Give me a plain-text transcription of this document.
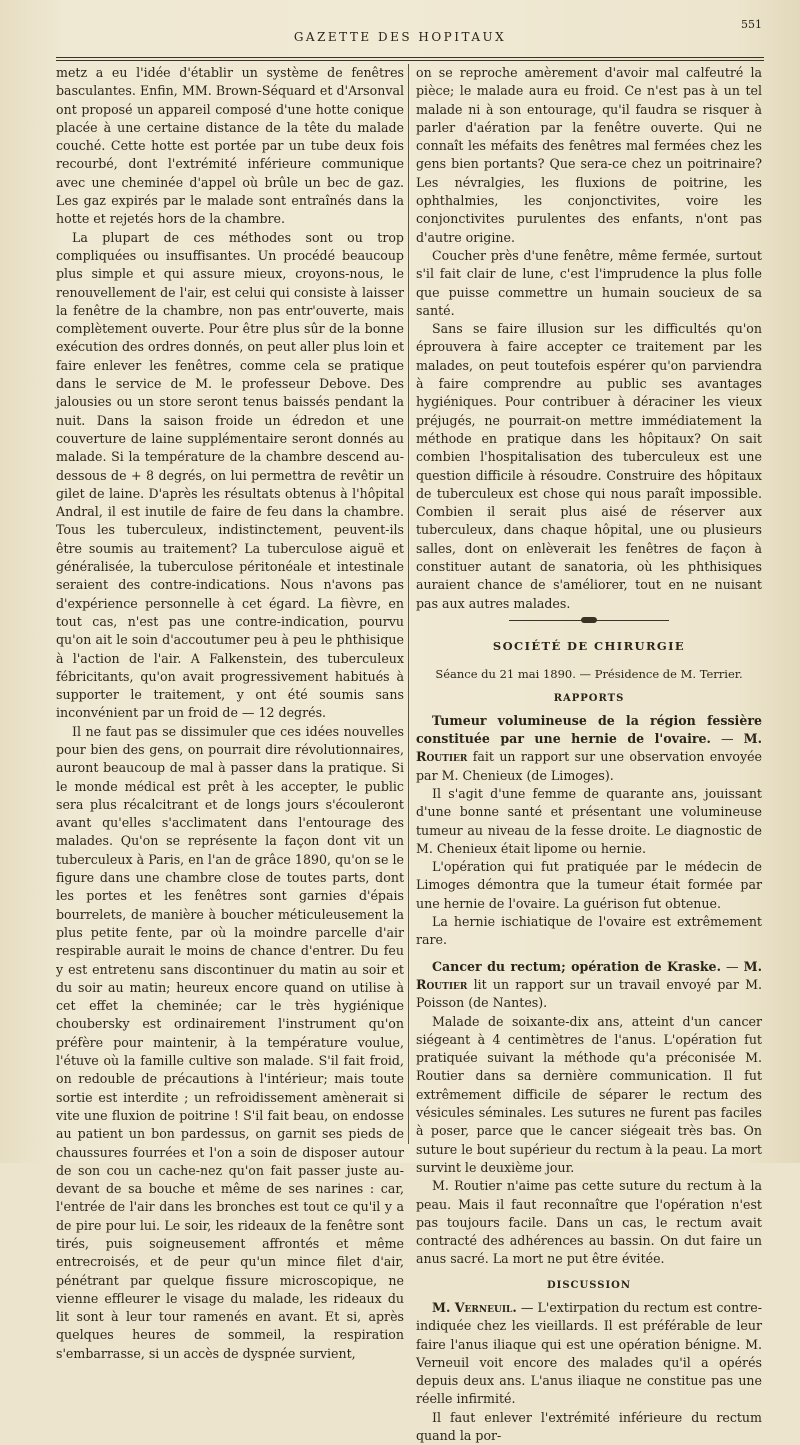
GAZETTE DES HOPITAUX
551

metz a eu l'idée d'établir un système de fenêtres basculantes. Enfin, MM. Brown-Séquard et d'Arsonval ont proposé un appareil composé d'une hotte conique placée à une certaine distance de la tête du malade couché. Cette hotte est portée par un tube deux fois recourbé, dont l'extrémité inférieure communique avec une cheminée d'appel où brûle un bec de gaz. Les gaz expirés par le malade sont entraînés dans la hotte et rejetés hors de la chambre.

La plupart de ces méthodes sont ou trop compliquées ou insuffisantes. Un procédé beaucoup plus simple et qui assure mieux, croyons-nous, le renouvellement de l'air, est celui qui consiste à laisser la fenêtre de la chambre, non pas entr'ouverte, mais complètement ouverte. Pour être plus sûr de la bonne exécution des ordres donnés, on peut aller plus loin et faire enlever les fenêtres, comme cela se pratique dans le service de M. le professeur Debove. Des jalousies ou un store seront tenus baissés pendant la nuit. Dans la saison froide un édredon et une couverture de laine supplémentaire seront donnés au malade. Si la température de la chambre descend au-dessous de + 8 degrés, on lui permettra de revêtir un gilet de laine. D'après les résultats obtenus à l'hôpital Andral, il est inutile de faire de feu dans la chambre. Tous les tuberculeux, indistinctement, peuvent-ils être soumis au traitement? La tuberculose aiguë et généralisée, la tuberculose péritonéale et intestinale seraient des contre-indications. Nous n'avons pas d'expérience personnelle à cet égard. La fièvre, en tout cas, n'est pas une contre-indication, pourvu qu'on ait le soin d'accoutumer peu à peu le phthisique à l'action de l'air. A Falkenstein, des tuberculeux fébricitants, qu'on avait progressivement habitués à supporter le traitement, y ont été soumis sans inconvénient par un froid de — 12 degrés.

Il ne faut pas se dissimuler que ces idées nouvelles pour bien des gens, on pourrait dire révolutionnaires, auront beaucoup de mal à passer dans la pratique. Si le monde médical est prêt à les accepter, le public sera plus récalcitrant et de longs jours s'écouleront avant qu'elles s'acclimatent dans l'entourage des malades. Qu'on se représente la façon dont vit un tuberculeux à Paris, en l'an de grâce 1890, qu'on se le figure dans une chambre close de toutes parts, dont les portes et les fenêtres sont garnies d'épais bourrelets, de manière à boucher méticuleusement la plus petite fente, par où la moindre parcelle d'air respirable aurait le moins de chance d'entrer. Du feu y est entretenu sans discontinuer du matin au soir et du soir au matin; heureux encore quand on utilise à cet effet la cheminée; car le très hygiénique choubersky est ordinairement l'instrument qu'on préfère pour maintenir, à la température voulue, l'étuve où la famille cultive son malade. S'il fait froid, on redouble de précautions à l'intérieur; mais toute sortie est interdite ; un refroidissement amènerait si vite une fluxion de poitrine ! S'il fait beau, on endosse au patient un bon pardessus, on garnit ses pieds de chaussures fourrées et l'on a soin de disposer autour de son cou un cache-nez qu'on fait passer juste au-devant de sa bouche et même de ses narines : car, l'entrée de l'air dans les bronches est tout ce qu'il y a de pire pour lui. Le soir, les rideaux de la fenêtre sont tirés, puis soigneusement affrontés et même entrecroisés, et de peur qu'un mince filet d'air, pénétrant par quelque fissure microscopique, ne vienne effleurer le visage du malade, les rideaux du lit sont à leur tour ramenés en avant. Et si, après quelques heures de sommeil, la respiration s'embarrasse, si un accès de dyspnée survient,

on se reproche amèrement d'avoir mal calfeutré la pièce; le malade aura eu froid. Ce n'est pas à un tel malade ni à son entourage, qu'il faudra se risquer à parler d'aération par la fenêtre ouverte. Qui ne connaît les méfaits des fenêtres mal fermées chez les gens bien portants? Que sera-ce chez un poitrinaire? Les névralgies, les fluxions de poitrine, les ophthalmies, les conjonctivites, voire les conjonctivites purulentes des enfants, n'ont pas d'autre origine.

Coucher près d'une fenêtre, même fermée, surtout s'il fait clair de lune, c'est l'imprudence la plus folle que puisse commettre un humain soucieux de sa santé.

Sans se faire illusion sur les difficultés qu'on éprouvera à faire accepter ce traitement par les malades, on peut toutefois espérer qu'on parviendra à faire comprendre au public ses avantages hygiéniques. Pour contribuer à déraciner les vieux préjugés, ne pourrait-on mettre immédiatement la méthode en pratique dans les hôpitaux? On sait combien l'hospitalisation des tuberculeux est une question difficile à résoudre. Construire des hôpitaux de tuberculeux est chose qui nous paraît impossible. Combien il serait plus aisé de réserver aux tuberculeux, dans chaque hôpital, une ou plusieurs salles, dont on enlèverait les fenêtres de façon à constituer autant de sanatoria, où les phthisiques auraient chance de s'améliorer, tout en ne nuisant pas aux autres malades.

SOCIÉTÉ DE CHIRURGIE
Séance du 21 mai 1890. — Présidence de M. Terrier.
RAPPORTS

Tumeur volumineuse de la région fessière constituée par une hernie de l'ovaire. — M. Routier fait un rapport sur une observation envoyée par M. Chenieux (de Limoges).

Il s'agit d'une femme de quarante ans, jouissant d'une bonne santé et présentant une volumineuse tumeur au niveau de la fesse droite. Le diagnostic de M. Chenieux était lipome ou hernie.

L'opération qui fut pratiquée par le médecin de Limoges démontra que la tumeur était formée par une hernie de l'ovaire. La guérison fut obtenue.

La hernie ischiatique de l'ovaire est extrêmement rare.

Cancer du rectum; opération de Kraske. — M. Routier lit un rapport sur un travail envoyé par M. Poisson (de Nantes).

Malade de soixante-dix ans, atteint d'un cancer siégeant à 4 centimètres de l'anus. L'opération fut pratiquée suivant la méthode qu'a préconisée M. Routier dans sa dernière communication. Il fut extrêmement difficile de séparer le rectum des vésicules séminales. Les sutures ne furent pas faciles à poser, parce que le cancer siégeait très bas. On suture le bout supérieur du rectum à la peau. La mort survint le deuxième jour.

M. Routier n'aime pas cette suture du rectum à la peau. Mais il faut reconnaître que l'opération n'est pas toujours facile. Dans un cas, le rectum avait contracté des adhérences au bassin. On dut faire un anus sacré. La mort ne put être évitée.

DISCUSSION

M. Verneuil. — L'extirpation du rectum est contre-indiquée chez les vieillards. Il est préférable de leur faire l'anus iliaque qui est une opération bénigne. M. Verneuil voit encore des malades qu'il a opérés depuis deux ans. L'anus iliaque ne constitue pas une réelle infirmité.

Il faut enlever l'extrémité inférieure du rectum quand la por-
